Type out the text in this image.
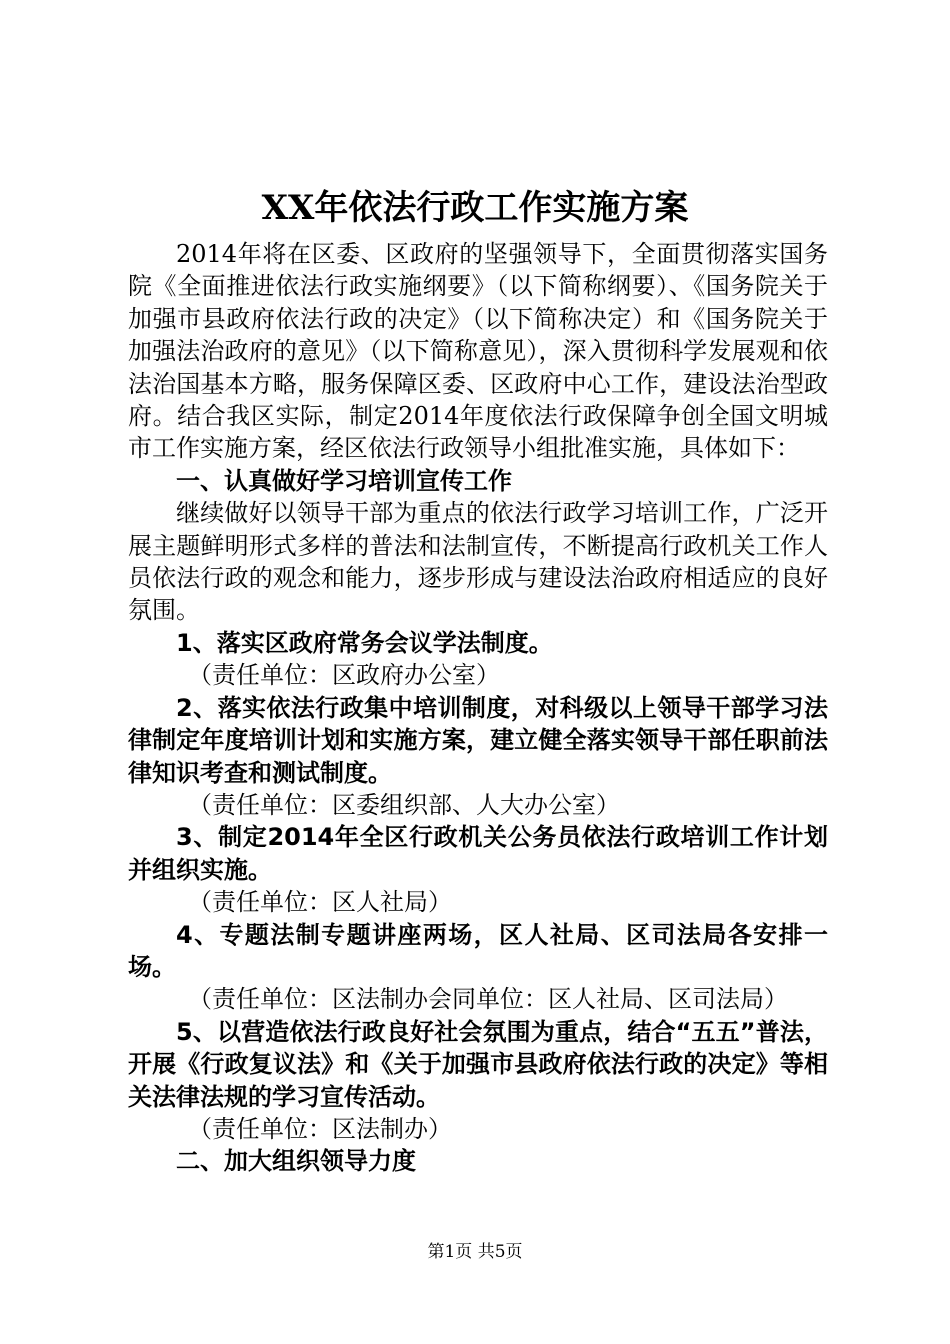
XX年依法行政工作实施方案

2014年将在区委、区政府的坚强领导下，全面贯彻落实国务院《全面推进依法行政实施纲要》（以下简称纲要）、《国务院关于加强市县政府依法行政的决定》（以下简称决定）和《国务院关于加强法治政府的意见》（以下简称意见），深入贯彻科学发展观和依法治国基本方略，服务保障区委、区政府中心工作，建设法治型政府。结合我区实际，制定2014年度依法行政保障争创全国文明城市工作实施方案，经区依法行政领导小组批准实施，具体如下：

一、认真做好学习培训宣传工作

继续做好以领导干部为重点的依法行政学习培训工作，广泛开展主题鲜明形式多样的普法和法制宣传，不断提高行政机关工作人员依法行政的观念和能力，逐步形成与建设法治政府相适应的良好氛围。

1、落实区政府常务会议学法制度。

（责任单位：区政府办公室）

2、落实依法行政集中培训制度，对科级以上领导干部学习法律制定年度培训计划和实施方案，建立健全落实领导干部任职前法律知识考查和测试制度。

（责任单位：区委组织部、人大办公室）

3、制定2014年全区行政机关公务员依法行政培训工作计划并组织实施。

（责任单位：区人社局）

4、专题法制专题讲座两场，区人社局、区司法局各安排一场。

（责任单位：区法制办会同单位：区人社局、区司法局）

5、以营造依法行政良好社会氛围为重点，结合“五五”普法，开展《行政复议法》和《关于加强市县政府依法行政的决定》等相关法律法规的学习宣传活动。

（责任单位：区法制办）

二、加大组织领导力度

第1页 共5页
